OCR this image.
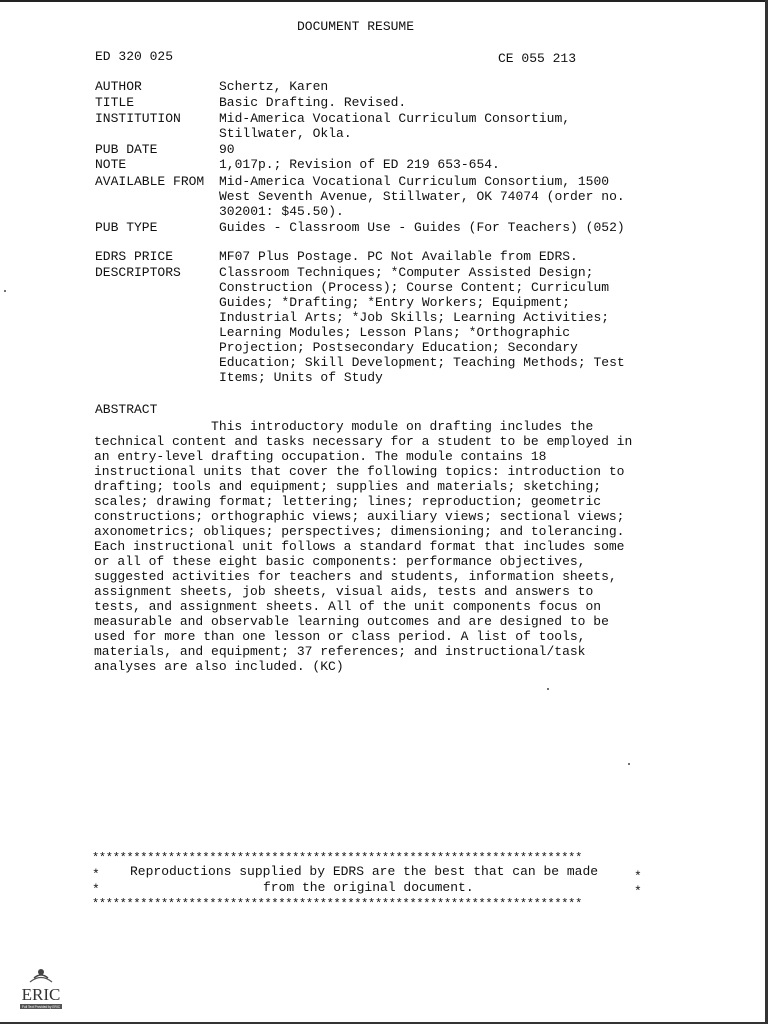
DOCUMENT RESUME
ED 320 025	CE 055 213
AUTHOR	Schertz, Karen
TITLE	Basic Drafting. Revised.
INSTITUTION	Mid-America Vocational Curriculum Consortium,
Stillwater, Okla.
PUB DATE	90
NOTE	1,017p.; Revision of ED 219 653-654.
AVAILABLE FROM Mid-America Vocational Curriculum Consortium, 1500
West Seventh Avenue, Stillwater, OK 74074 (order no.
302001: $45.50).
PUB TYPE	Guides - Classroom Use - Guides (For Teachers) (052)
EDRS PRICE	MF07 Plus Postage. PC Not Available from EDRS.
DESCRIPTORS	Classroom Techniques; *Computer Assisted Design;
Construction (Process); Course Content; Curriculum
Guides; *Drafting; *Entry Workers; Equipment;
Industrial Arts; *Job Skills; Learning Activities;
Learning Modules; Lesson Plans; *Orthographic
Projection; Postsecondary Education; Secondary
Education; Skill Development; Teaching Methods; Test
Items; Units of Study
ABSTRACT
This introductory module on drafting includes the
technical content and tasks necessary for a student to be employed in
an entry-level drafting occupation. The module contains 18
instructional units that cover the following topics: introduction to
drafting; tools and equipment; supplies and materials; sketching;
scales; drawing format; lettering; lines; reproduction; geometric
constructions; orthographic views; auxiliary views; sectional views;
axonometrics; obliques; perspectives; dimensioning; and tolerancing.
Each instructional unit follows a standard format that includes some
or all of these eight basic components: performance objectives,
suggested activities for teachers and students, information sheets,
assignment sheets, job sheets, visual aids, tests and answers to
tests, and assignment sheets. All of the unit components focus on
measurable and observable learning outcomes and are designed to be
used for more than one lesson or class period. A list of tools,
materials, and equipment; 37 references; and instructional/task
analyses are also included. (KC)
***********************************************************************
* Reproductions supplied by EDRS are the best that can be made	*
*	from the original document.	*
***********************************************************************
ERIC
Full Text Provided by ERIC
